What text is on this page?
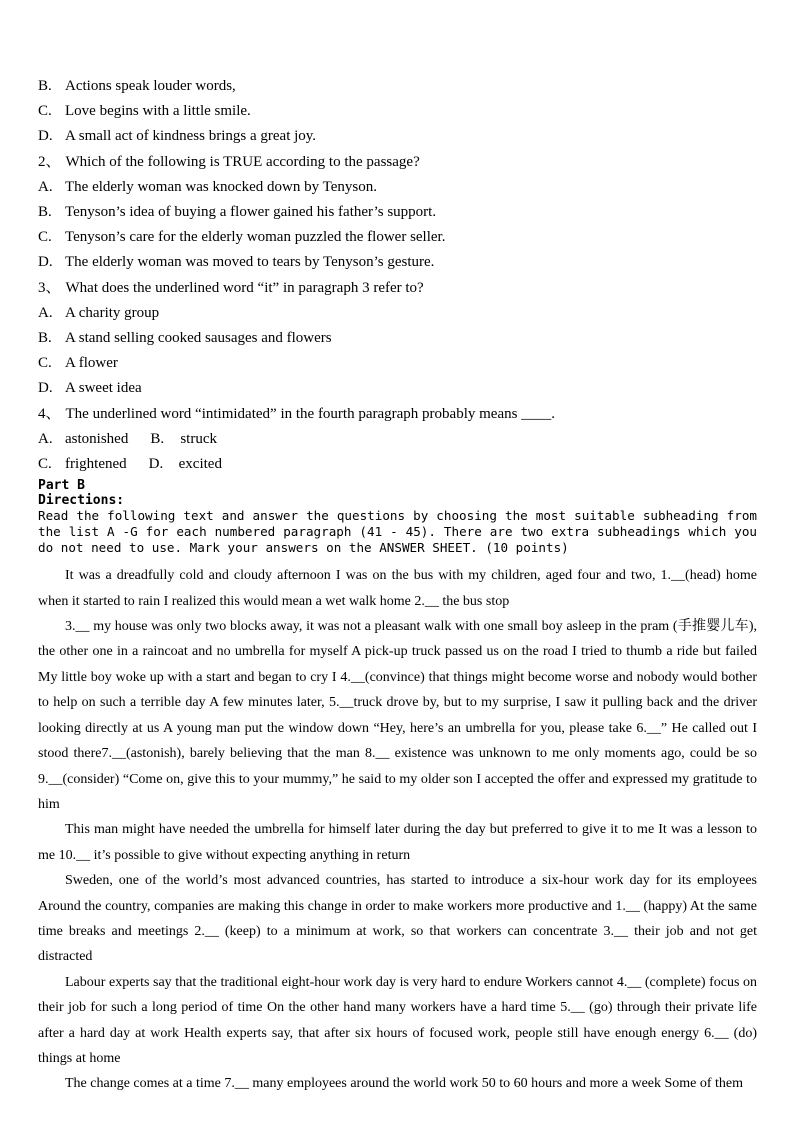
B. Actions speak louder words,
C. Love begins with a little smile.
D. A small act of kindness brings a great joy.
2、 Which of the following is TRUE according to the passage?
A. The elderly woman was knocked down by Tenyson.
B. Tenyson’s idea of buying a flower gained his father’s support.
C. Tenyson’s care for the elderly woman puzzled the flower seller.
D. The elderly woman was moved to tears by Tenyson’s gesture.
3、 What does the underlined word “it” in paragraph 3 refer to?
A. A charity group
B. A stand selling cooked sausages and flowers
C. A flower
D. A sweet idea
4、 The underlined word “intimidated” in the fourth paragraph probably means ____.
A. astonished B. struck
C. frightened D. excited
Part B
Directions:
Read the following text and answer the questions by choosing the most suitable subheading from the list A -G for each numbered paragraph (41 - 45). There are two extra subheadings which you do not need to use. Mark your answers on the ANSWER SHEET. (10 points)

It was a dreadfully cold and cloudy afternoon I was on the bus with my children, aged four and two, 1.__(head) home when it started to rain I realized this would mean a wet walk home 2.__ the bus stop

3.__ my house was only two blocks away, it was not a pleasant walk with one small boy asleep in the pram (手推婴儿车), the other one in a raincoat and no umbrella for myself A pick-up truck passed us on the road I tried to thumb a ride but failed My little boy woke up with a start and began to cry I 4.__(convince) that things might become worse and nobody would bother to help on such a terrible day A few minutes later, 5.__truck drove by, but to my surprise, I saw it pulling back and the driver looking directly at us A young man put the window down “Hey, here’s an umbrella for you, please take 6.__” He called out I stood there7.__(astonish), barely believing that the man 8.__ existence was unknown to me only moments ago, could be so 9.__(consider) “Come on, give this to your mummy,” he said to my older son I accepted the offer and expressed my gratitude to him

This man might have needed the umbrella for himself later during the day but preferred to give it to me It was a lesson to me 10.__ it’s possible to give without expecting anything in return

Sweden, one of the world’s most advanced countries, has started to introduce a six-hour work day for its employees Around the country, companies are making this change in order to make workers more productive and 1.__ (happy) At the same time breaks and meetings 2.__ (keep) to a minimum at work, so that workers can concentrate 3.__ their job and not get distracted

Labour experts say that the traditional eight-hour work day is very hard to endure Workers cannot 4.__ (complete) focus on their job for such a long period of time On the other hand many workers have a hard time 5.__ (go) through their private life after a hard day at work Health experts say, that after six hours of focused work, people still have enough energy 6.__ (do) things at home

The change comes at a time 7.__ many employees around the world work 50 to 60 hours and more a week Some of them
